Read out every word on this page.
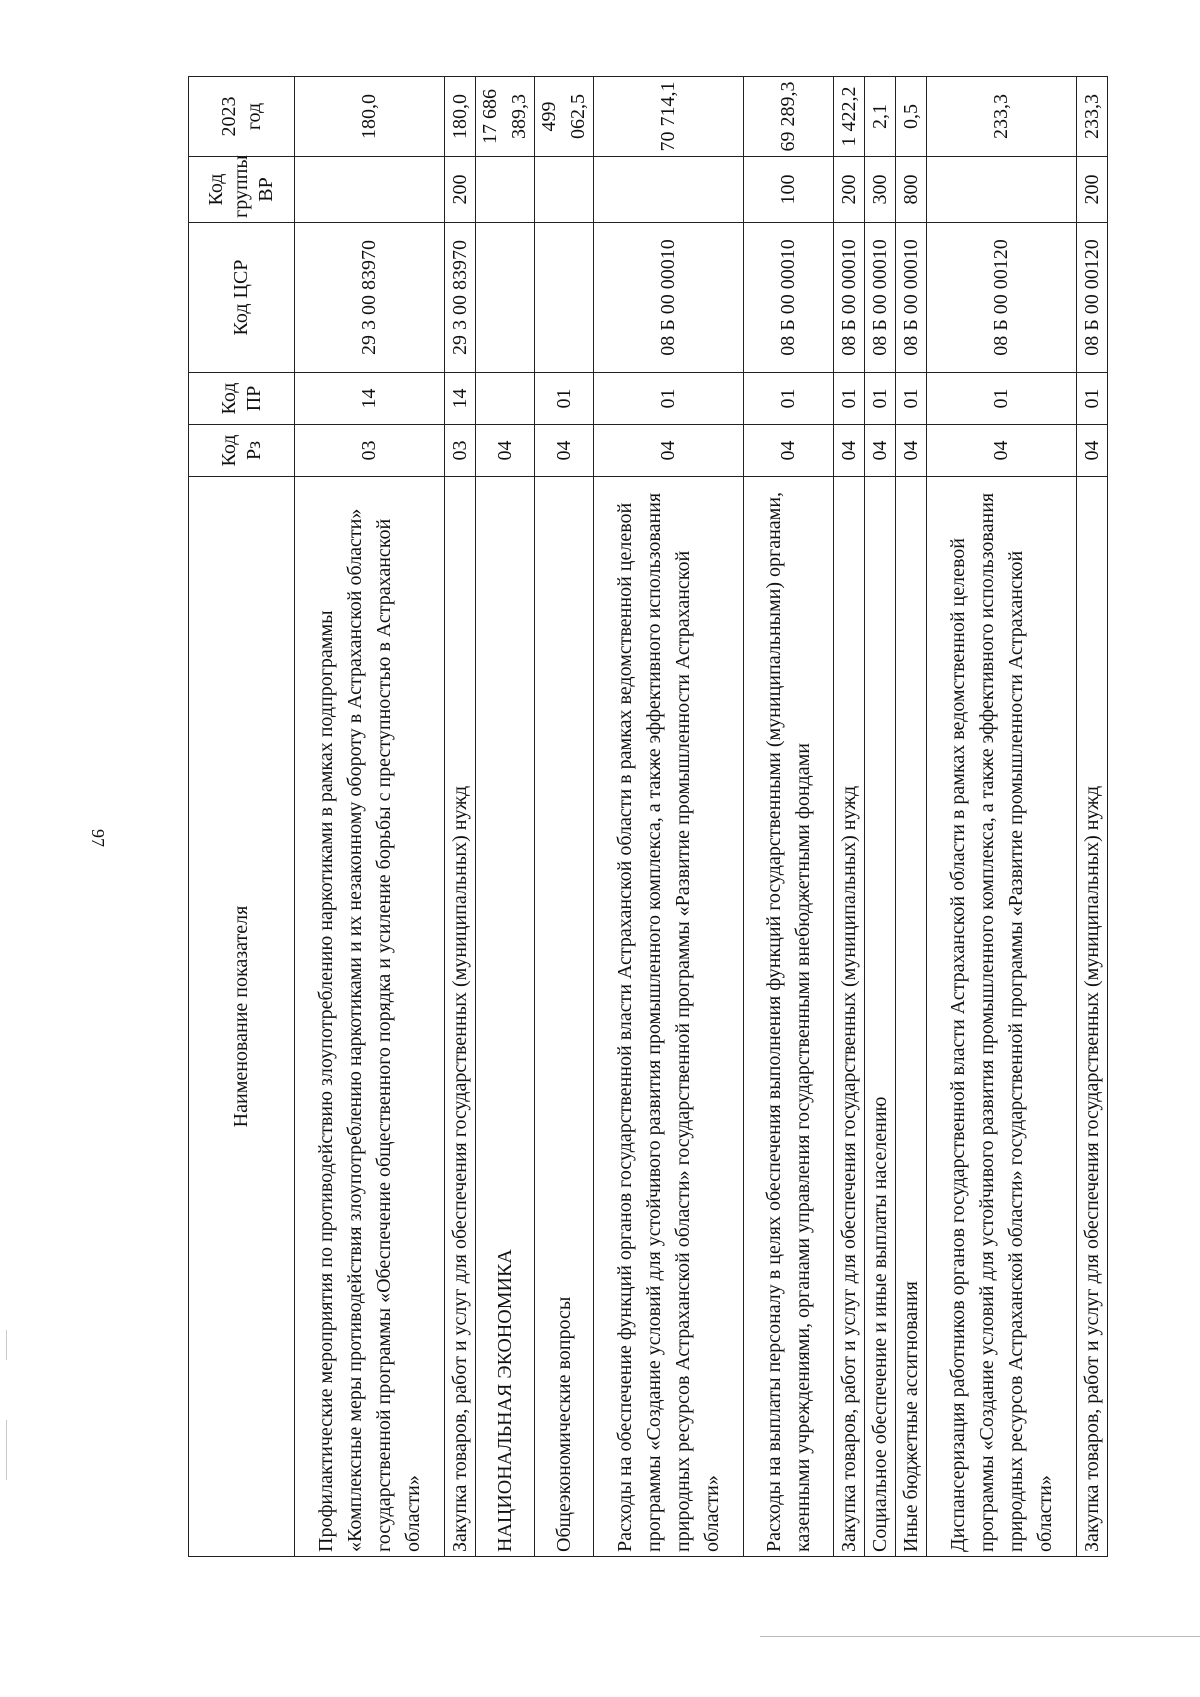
97
Наименование показателя	Код Рз	Код ПР	Код ЦСР	Код группы ВР	2023 год
Профилактические мероприятия по противодействию злоупотреблению наркотиками в рамках подпрограммы «Комплексные меры противодействия злоупотреблению наркотиками и их незаконному обороту в Астраханской области» государственной программы «Обеспечение общественного порядка и усиление борьбы с преступностью в Астраханской области»	03	14	29 3 00 83970		180,0
Закупка товаров, работ и услуг для обеспечения государственных (муниципальных) нужд	03	14	29 3 00 83970	200	180,0
НАЦИОНАЛЬНАЯ ЭКОНОМИКА	04				17 686 389,3
Общеэкономические вопросы	04	01			499 062,5
Расходы на обеспечение функций органов государственной власти Астраханской области в рамках ведомственной целевой программы «Создание условий для устойчивого развития промышленного комплекса, а также эффективного использования природных ресурсов Астраханской области» государственной программы «Развитие промышленности Астраханской области»	04	01	08 Б 00 00010		70 714,1
Расходы на выплаты персоналу в целях обеспечения выполнения функций государственными (муниципальными) органами, казенными учреждениями, органами управления государственными внебюджетными фондами	04	01	08 Б 00 00010	100	69 289,3
Закупка товаров, работ и услуг для обеспечения государственных (муниципальных) нужд	04	01	08 Б 00 00010	200	1 422,2
Социальное обеспечение и иные выплаты населению	04	01	08 Б 00 00010	300	2,1
Иные бюджетные ассигнования	04	01	08 Б 00 00010	800	0,5
Диспансеризация работников органов государственной власти Астраханской области в рамках ведомственной целевой программы «Создание условий для устойчивого развития промышленного комплекса, а также эффективного использования природных ресурсов Астраханской области» государственной программы «Развитие промышленности Астраханской области»	04	01	08 Б 00 00120		233,3
Закупка товаров, работ и услуг для обеспечения государственных (муниципальных) нужд	04	01	08 Б 00 00120	200	233,3
